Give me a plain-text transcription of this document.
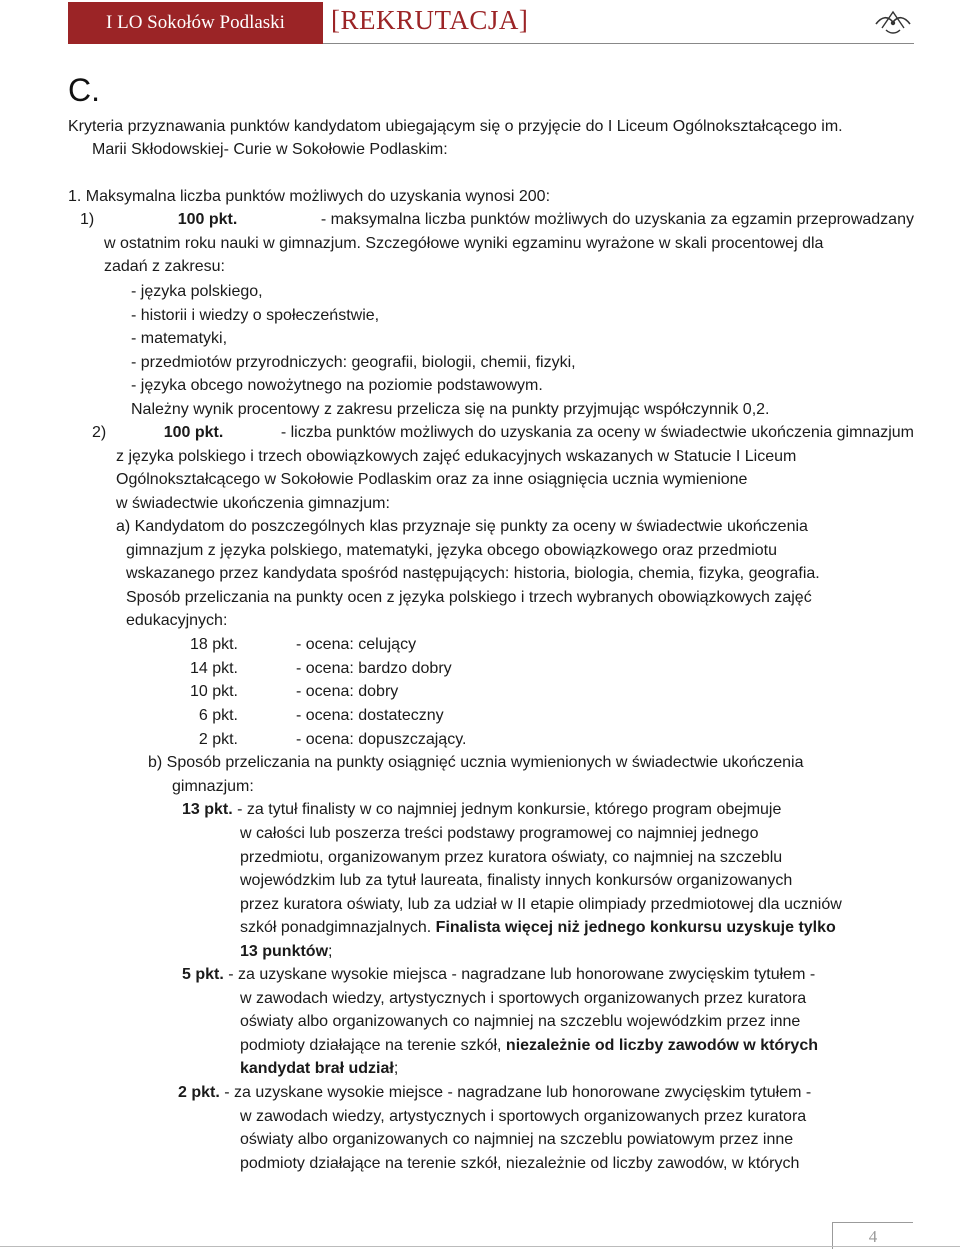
I LO Sokołów Podlaski [REKRUTACJA]
C.
Kryteria przyznawania punktów kandydatom ubiegającym się o przyjęcie do I Liceum Ogólnokształcącego im.
Marii Skłodowskiej- Curie w Sokołowie Podlaskim:
1. Maksymalna liczba punktów możliwych do uzyskania wynosi 200:
1)	100 pkt.	- maksymalna liczba punktów możliwych do uzyskania za egzamin przeprowadzany
w ostatnim roku nauki w gimnazjum. Szczegółowe wyniki egzaminu wyrażone w skali procentowej dla
zadań z zakresu:
- języka polskiego,
- historii i wiedzy o społeczeństwie,
- matematyki,
- przedmiotów przyrodniczych: geografii, biologii, chemii, fizyki,
- języka obcego nowożytnego na poziomie podstawowym.
Należny wynik procentowy z zakresu przelicza się na punkty przyjmując współczynnik 0,2.
2)	100 pkt.	- liczba punktów możliwych do uzyskania za oceny w świadectwie ukończenia gimnazjum
z języka polskiego i trzech obowiązkowych zajęć edukacyjnych wskazanych w Statucie I Liceum
Ogólnokształcącego w Sokołowie Podlaskim oraz za inne osiągnięcia ucznia wymienione
w świadectwie ukończenia gimnazjum:
a) Kandydatom do poszczególnych klas przyznaje się punkty za oceny w świadectwie ukończenia
gimnazjum z języka polskiego, matematyki, języka obcego obowiązkowego oraz przedmiotu
wskazanego przez kandydata spośród następujących: historia, biologia, chemia, fizyka, geografia.
Sposób przeliczania na punkty ocen z języka polskiego i trzech wybranych obowiązkowych zajęć
edukacyjnych:
18 pkt.	- ocena: celujący
14 pkt.	- ocena: bardzo dobry
10 pkt.	- ocena: dobry
6 pkt.	- ocena: dostateczny
2 pkt.	- ocena: dopuszczający.
b) Sposób przeliczania na punkty osiągnięć ucznia wymienionych w świadectwie ukończenia
gimnazjum:
13 pkt. - za tytuł finalisty w co najmniej jednym konkursie, którego program obejmuje
w całości lub poszerza treści podstawy programowej co najmniej jednego
przedmiotu, organizowanym przez kuratora oświaty, co najmniej na szczeblu
wojewódzkim lub za tytuł laureata, finalisty innych konkursów organizowanych
przez kuratora oświaty, lub za udział w II etapie olimpiady przedmiotowej dla uczniów
szkół ponadgimnazjalnych. Finalista więcej niż jednego konkursu uzyskuje tylko
13 punktów;
5 pkt. - za uzyskane wysokie miejsca - nagradzane lub honorowane zwycięskim tytułem -
w zawodach wiedzy, artystycznych i sportowych organizowanych przez kuratora
oświaty albo organizowanych co najmniej na szczeblu wojewódzkim przez inne
podmioty działające na terenie szkół, niezależnie od liczby zawodów w których
kandydat brał udział;
2 pkt. - za uzyskane wysokie miejsce - nagradzane lub honorowane zwycięskim tytułem -
w zawodach wiedzy, artystycznych i sportowych organizowanych przez kuratora
oświaty albo organizowanych co najmniej na szczeblu powiatowym przez inne
podmioty działające na terenie szkół, niezależnie od liczby zawodów, w których
4
